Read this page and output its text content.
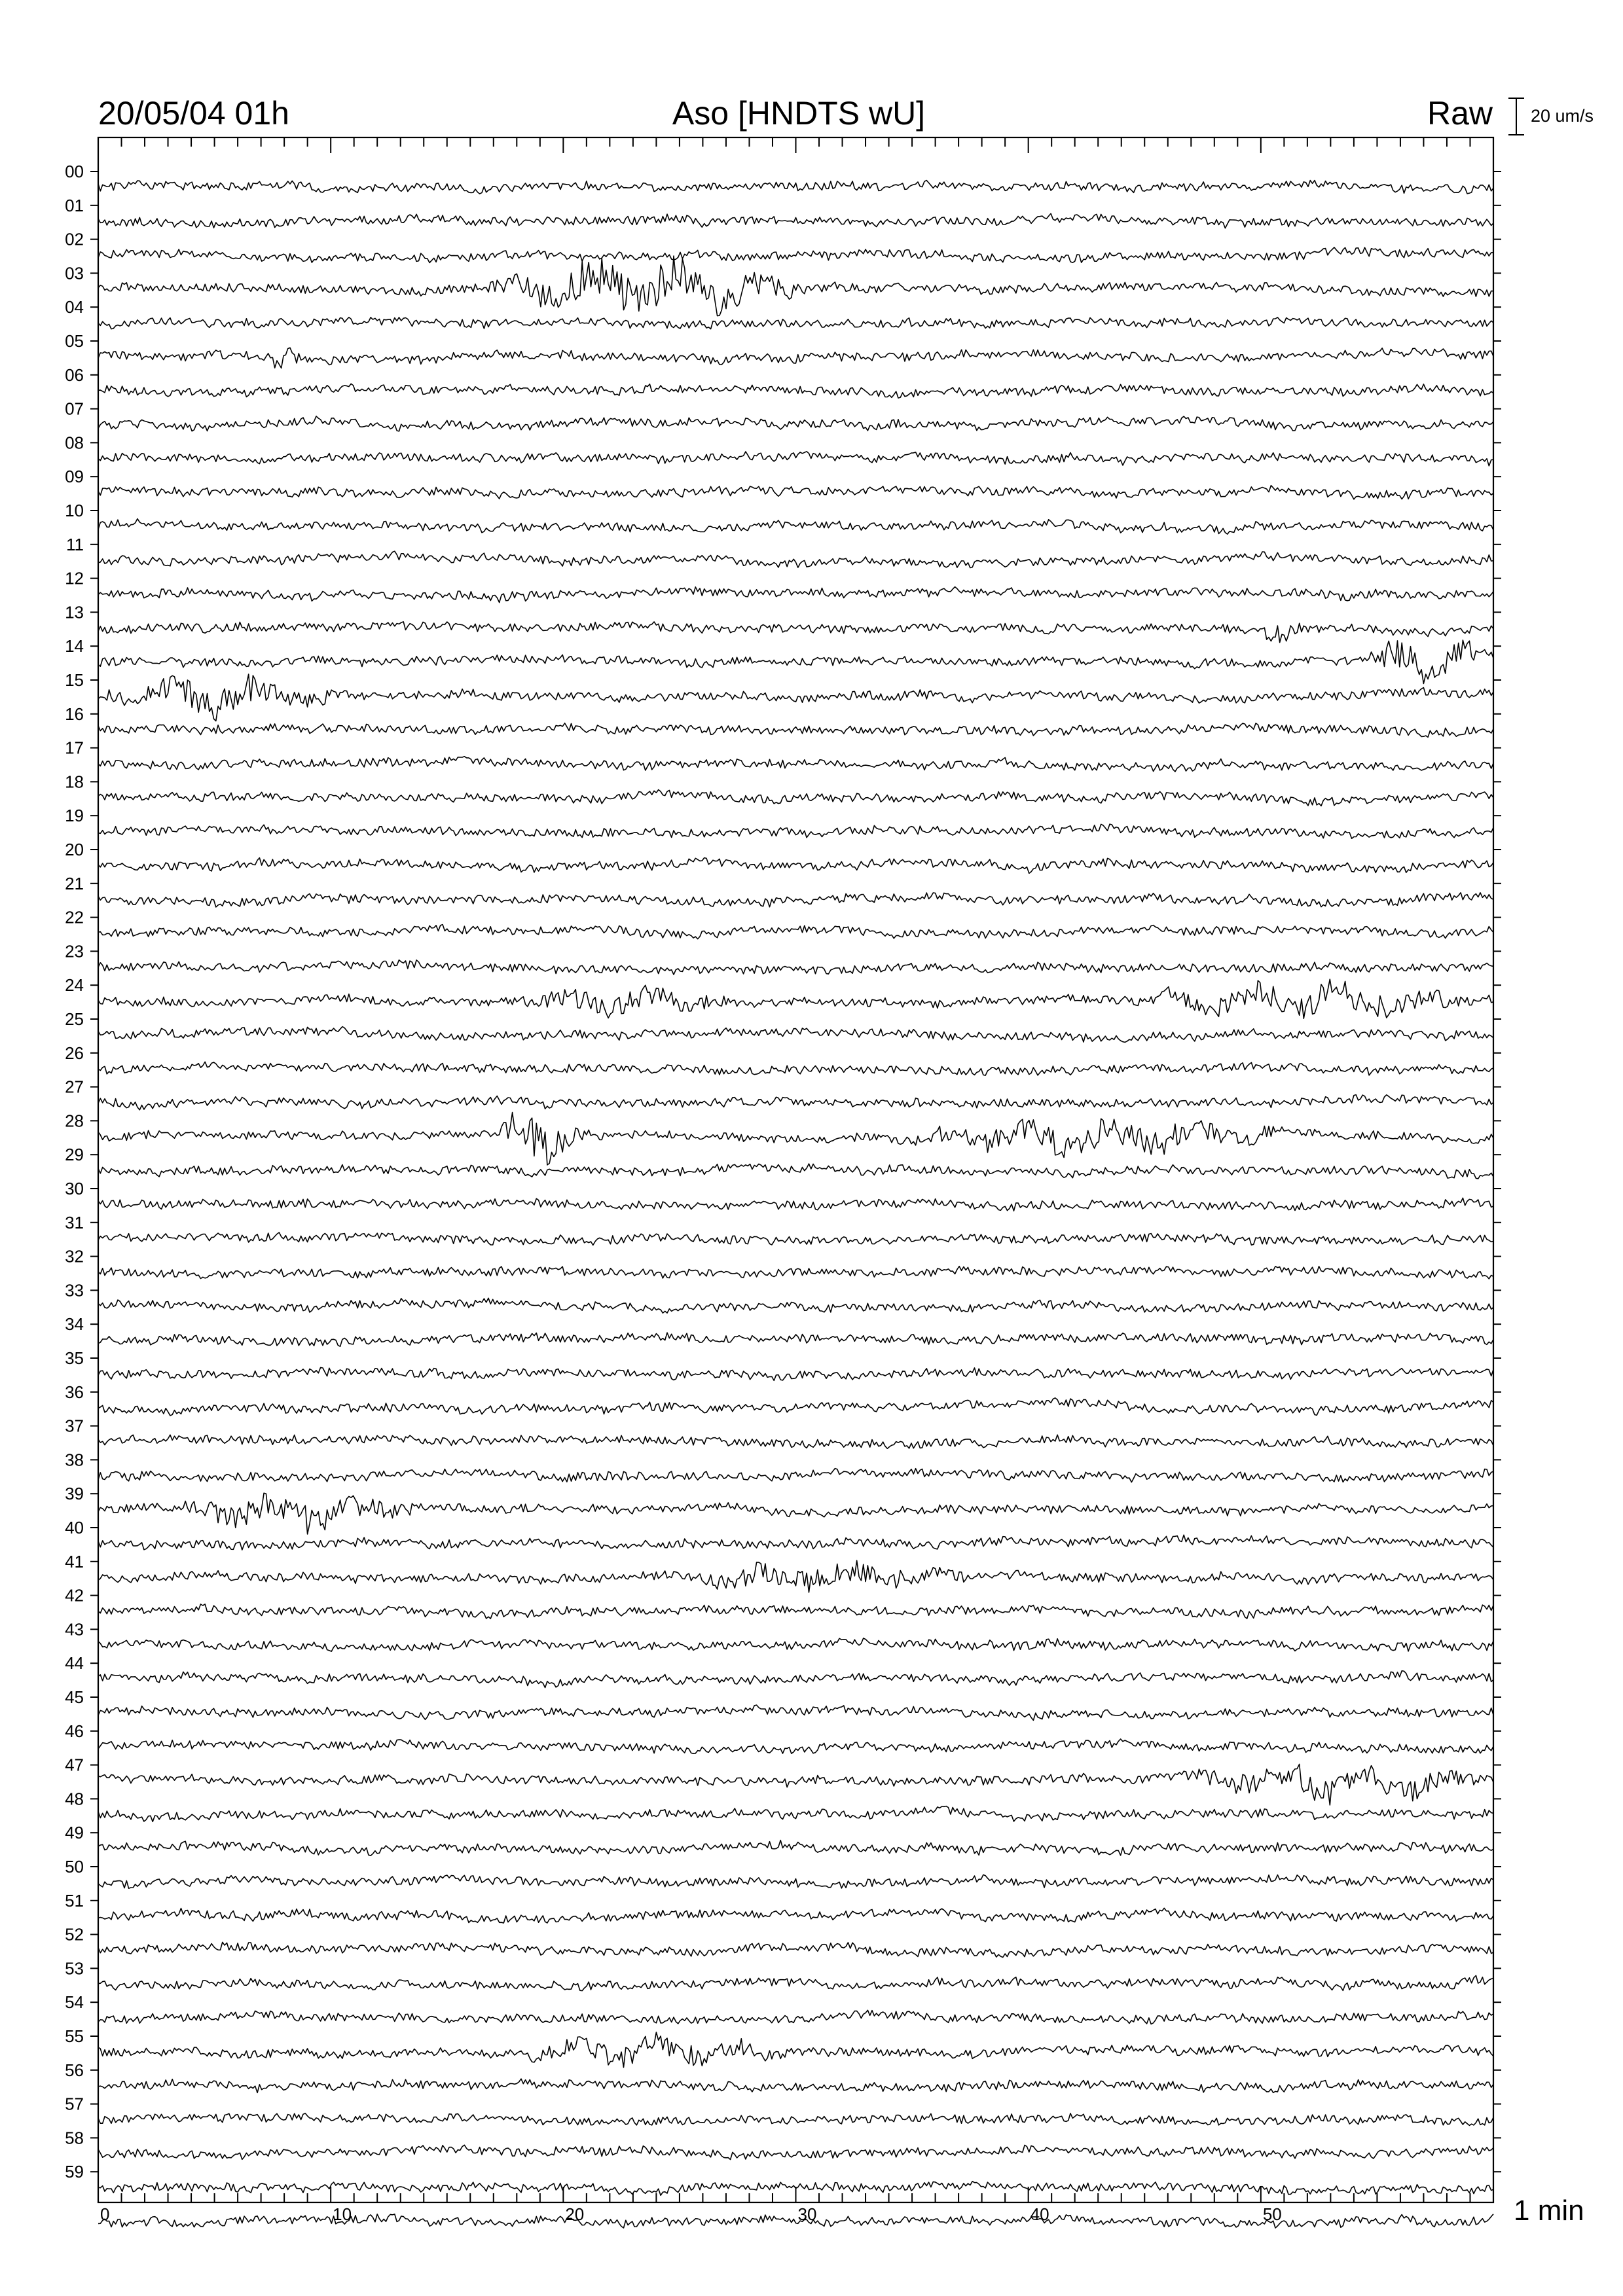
20/05/04 01h	Aso [HNDTS wU]	Raw 20 um/s
0	10	20	30	40	50
00
01
02
03
04
05
06
07
08
09
10
11
12
13
14
15
16
17
18
19
20
21
22
23
24
25
26
27
28
29
30
31
32
33
34
35
36
37
38
39
40
41
42
43
44
45
46
47
48
49
50
51
52
53
54
55
56
57
58
59
1 min
